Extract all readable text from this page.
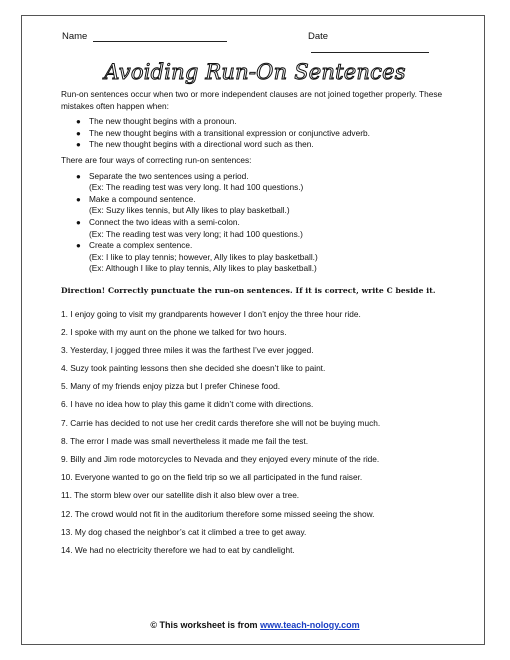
Name	Date
Avoiding Run-On Sentences

Run-on sentences occur when two or more independent clauses are not joined together properly. These mistakes often happen when:

● The new thought begins with a pronoun.
● The new thought begins with a transitional expression or conjunctive adverb.
● The new thought begins with a directional word such as then.

There are four ways of correcting run-on sentences:

● Separate the two sentences using a period.
(Ex: The reading test was very long. It had 100 questions.)
● Make a compound sentence.
(Ex: Suzy likes tennis, but Ally likes to play basketball.)
● Connect the two ideas with a semi-colon.
(Ex: The reading test was very long; it had 100 questions.)
● Create a complex sentence.
(Ex: I like to play tennis; however, Ally likes to play basketball.)
(Ex: Although I like to play tennis, Ally likes to play basketball.)

Direction! Correctly punctuate the run-on sentences. If it is correct, write C beside it.

1. I enjoy going to visit my grandparents however I don’t enjoy the three hour ride.
2. I spoke with my aunt on the phone we talked for two hours.
3. Yesterday, I jogged three miles it was the farthest I’ve ever jogged.
4. Suzy took painting lessons then she decided she doesn’t like to paint.
5. Many of my friends enjoy pizza but I prefer Chinese food.
6. I have no idea how to play this game it didn’t come with directions.
7. Carrie has decided to not use her credit cards therefore she will not be buying much.
8. The error I made was small nevertheless it made me fail the test.
9. Billy and Jim rode motorcycles to Nevada and they enjoyed every minute of the ride.
10. Everyone wanted to go on the field trip so we all participated in the fund raiser.
11. The storm blew over our satellite dish it also blew over a tree.
12. The crowd would not fit in the auditorium therefore some missed seeing the show.
13. My dog chased the neighbor’s cat it climbed a tree to get away.
14. We had no electricity therefore we had to eat by candlelight.
© This worksheet is from www.teach-nology.com
